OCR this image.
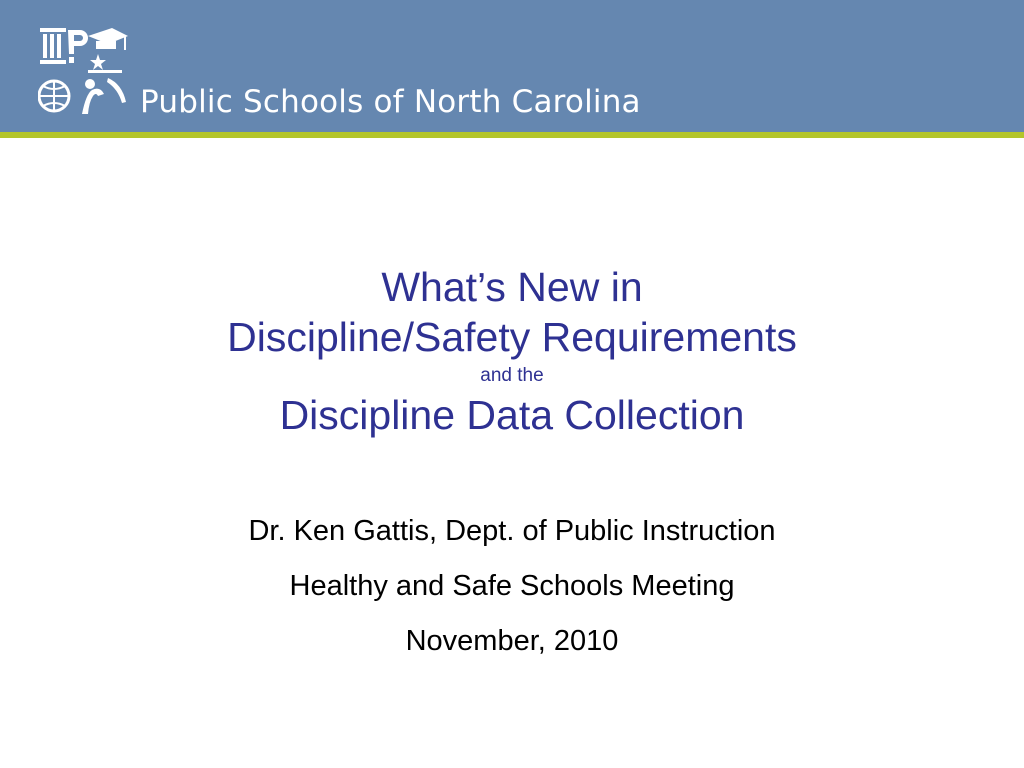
Public Schools of North Carolina
What’s New in
Discipline/Safety Requirements
and the
Discipline Data Collection
Dr. Ken Gattis, Dept. of Public Instruction
Healthy and Safe Schools Meeting
November, 2010
